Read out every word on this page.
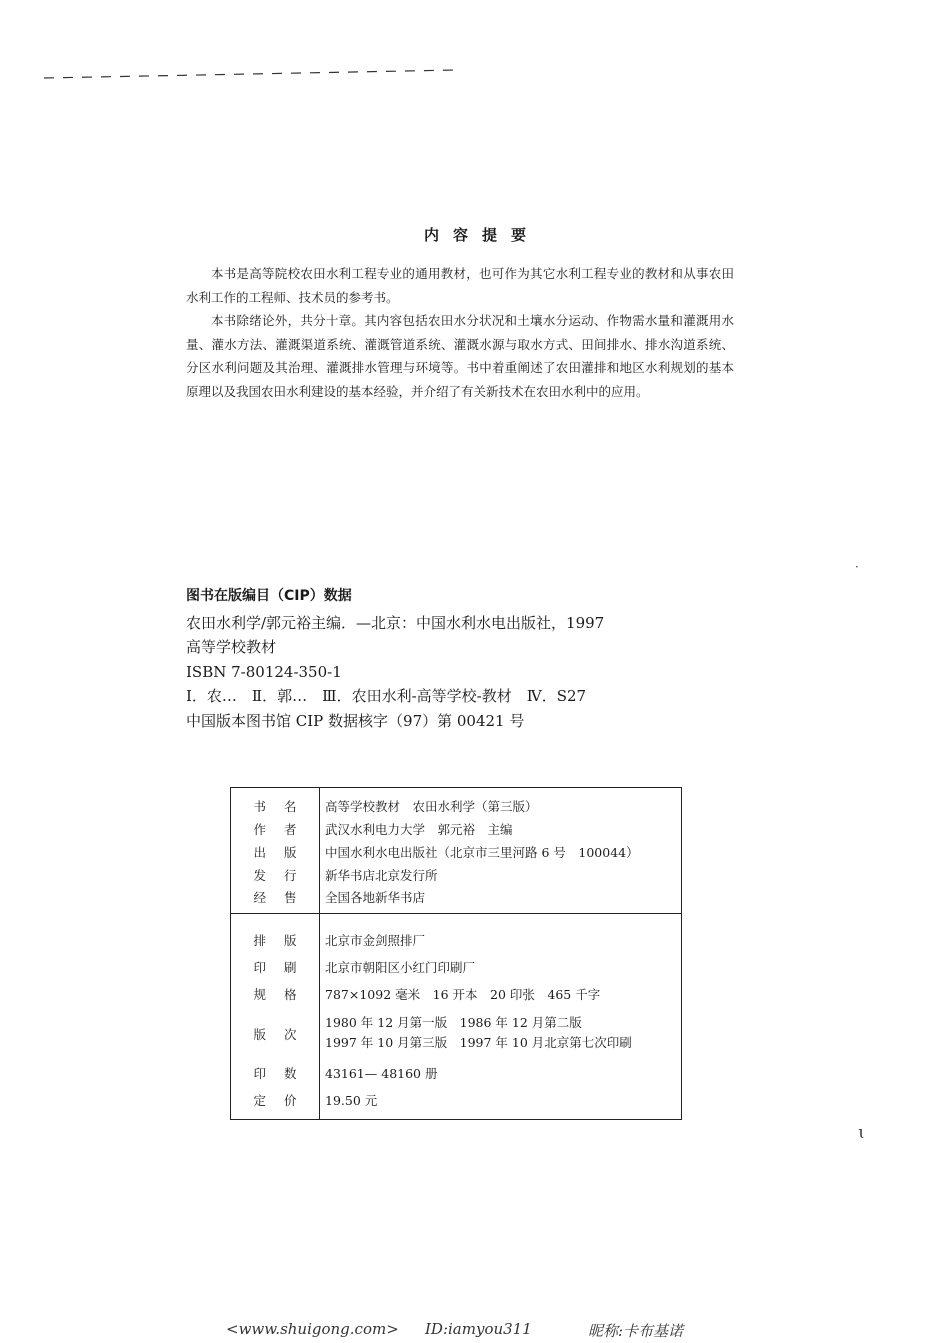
内容提要

本书是高等院校农田水利工程专业的通用教材，也可作为其它水利工程专业的教材和从事农田水利工作的工程师、技术员的参考书。

本书除绪论外，共分十章。其内容包括农田水分状况和土壤水分运动、作物需水量和灌溉用水量、灌水方法、灌溉渠道系统、灌溉管道系统、灌溉水源与取水方式、田间排水、排水沟道系统、分区水利问题及其治理、灌溉排水管理与环境等。书中着重阐述了农田灌排和地区水利规划的基本原理以及我国农田水利建设的基本经验，并介绍了有关新技术在农田水利中的应用。

图书在版编目（CIP）数据
农田水利学/郭元裕主编．—北京：中国水利水电出版社，1997
高等学校教材
ISBN 7-80124-350-1
Ⅰ．农…　Ⅱ．郭…　Ⅲ．农田水利-高等学校-教材　Ⅳ．S27
中国版本图书馆 CIP 数据核字（97）第 00421 号
书名 高等学校教材　农田水利学（第三版）
作者 武汉水利电力大学　郭元裕　主编
出版 中国水利水电出版社（北京市三里河路 6 号　100044）
发行 新华书店北京发行所
经售 全国各地新华书店
排版 北京市金剑照排厂
印刷 北京市朝阳区小红门印刷厂
规格 787×1092 毫米　16 开本　20 印张　465 千字
版次
1980 年 12 月第一版　1986 年 12 月第二版
1997 年 10 月第三版　1997 年 10 月北京第七次印刷
印数 43161— 48160 册
定价 19.50 元
·
ɩ
<www.shuigong.com> ID:iamyou311	昵称:卡布基诺
